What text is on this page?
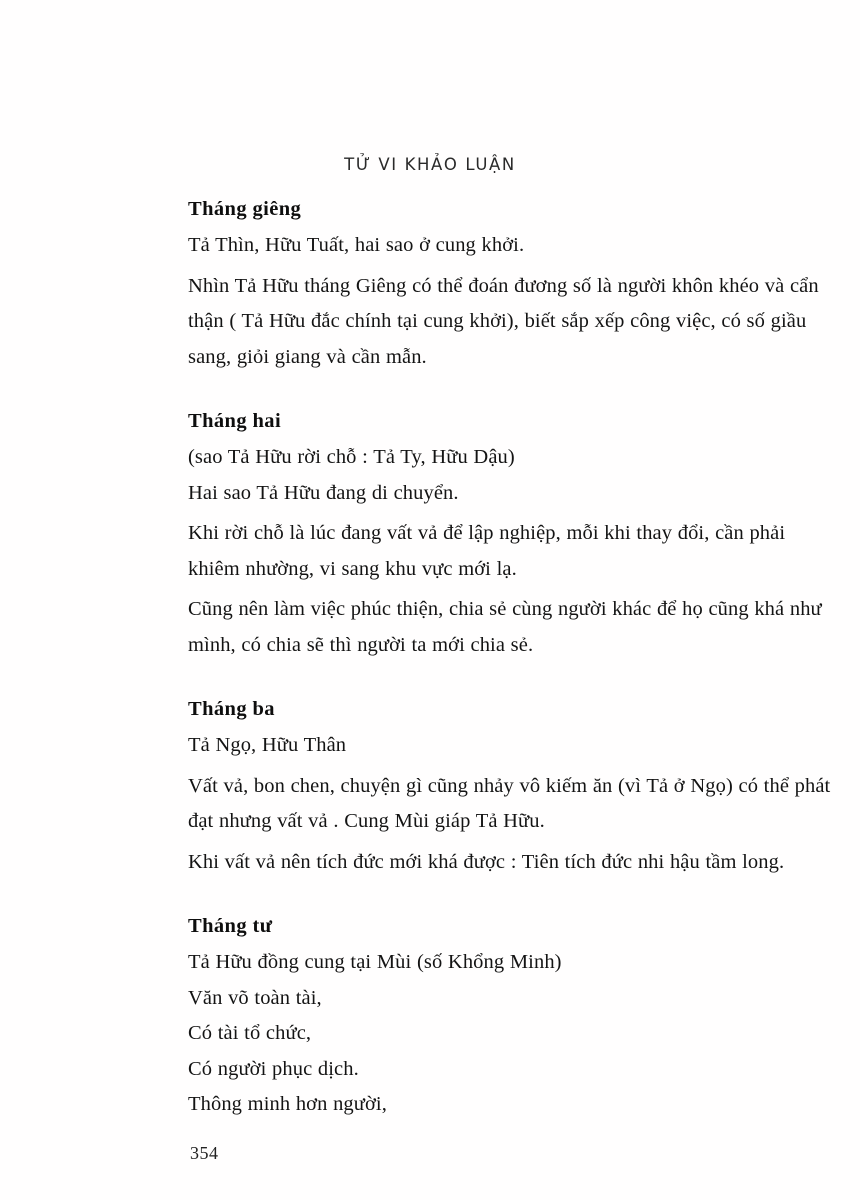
TỬ VI KHẢO LUẬN
Tháng giêng

Tả Thìn, Hữu Tuất, hai sao ở cung khởi.

Nhìn Tả Hữu tháng Giêng có thể đoán đương số là người khôn khéo và cẩn thận ( Tả Hữu đắc chính tại cung khởi), biết sắp xếp công việc, có số giầu sang, giỏi giang và cần mẫn.

Tháng hai

(sao Tả Hữu rời chỗ : Tả Ty, Hữu Dậu)

Hai sao Tả Hữu đang di chuyển.

Khi rời chỗ là lúc đang vất vả để lập nghiệp, mỗi khi thay đổi, cần phải khiêm nhường, vi sang khu vực mới lạ.

Cũng nên làm việc phúc thiện, chia sẻ cùng người khác để họ cũng khá như mình, có chia sẽ thì người ta mới chia sẻ.

Tháng ba

Tả Ngọ, Hữu Thân

Vất vả, bon chen, chuyện gì cũng nhảy vô kiếm ăn (vì Tả ở Ngọ) có thể phát đạt nhưng vất vả . Cung Mùi giáp Tả Hữu.

Khi vất vả nên tích đức mới khá được : Tiên tích đức nhi hậu tầm long.

Tháng tư

Tả Hữu đồng cung tại Mùi (số Khổng Minh)

Văn võ toàn tài,

Có tài tổ chức,

Có người phục dịch.

Thông minh hơn người,

354
